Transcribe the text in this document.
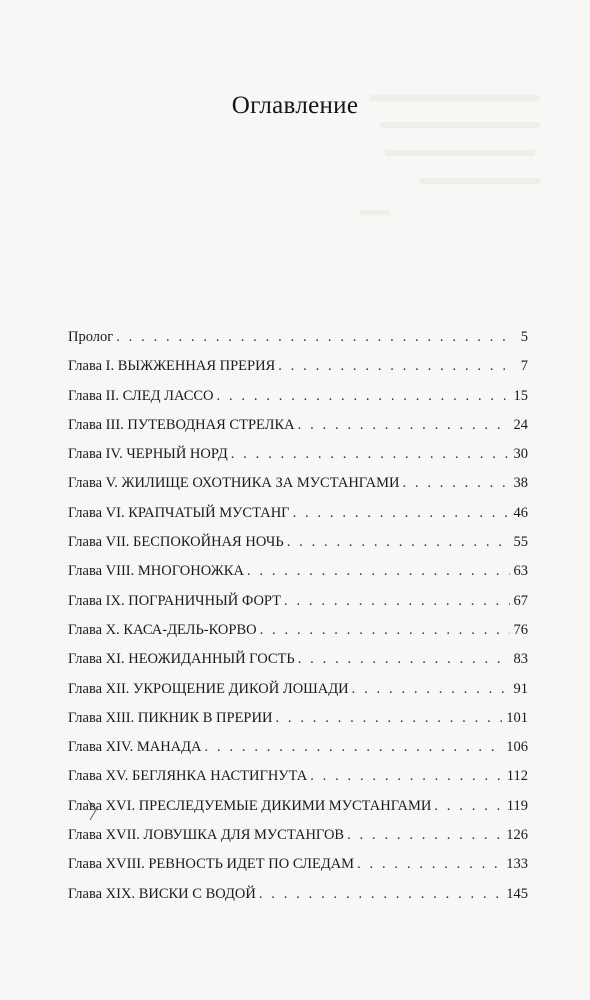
Оглавление
Пролог . . .	5
Глава I. ВЫЖЖЕННАЯ ПРЕРИЯ . . .	7
Глава II. СЛЕД ЛАССО . . .	15
Глава III. ПУТЕВОДНАЯ СТРЕЛКА . . .	24
Глава IV. ЧЕРНЫЙ НОРД . . .	30
Глава V. ЖИЛИЩЕ ОХОТНИКА ЗА МУСТАНГАМИ . . .	38
Глава VI. КРАПЧАТЫЙ МУСТАНГ . . .	46
Глава VII. БЕСПОКОЙНАЯ НОЧЬ . . .	55
Глава VIII. МНОГОНОЖКА . . .	63
Глава IX. ПОГРАНИЧНЫЙ ФОРТ . . .	67
Глава X. КАСА-ДЕЛЬ-КОРВО . . .	76
Глава XI. НЕОЖИДАННЫЙ ГОСТЬ . . .	83
Глава XII. УКРОЩЕНИЕ ДИКОЙ ЛОШАДИ . . .	91
Глава XIII. ПИКНИК В ПРЕРИИ . . .	101
Глава XIV. МАНАДА . . .	106
Глава XV. БЕГЛЯНКА НАСТИГНУТА . . .	112
Глава XVI. ПРЕСЛЕДУЕМЫЕ ДИКИМИ МУСТАНГАМИ . . .	119
Глава XVII. ЛОВУШКА ДЛЯ МУСТАНГОВ . . .	126
Глава XVIII. РЕВНОСТЬ ИДЕТ ПО СЛЕДАМ . . .	133
Глава XIX. ВИСКИ С ВОДОЙ . . .	145
